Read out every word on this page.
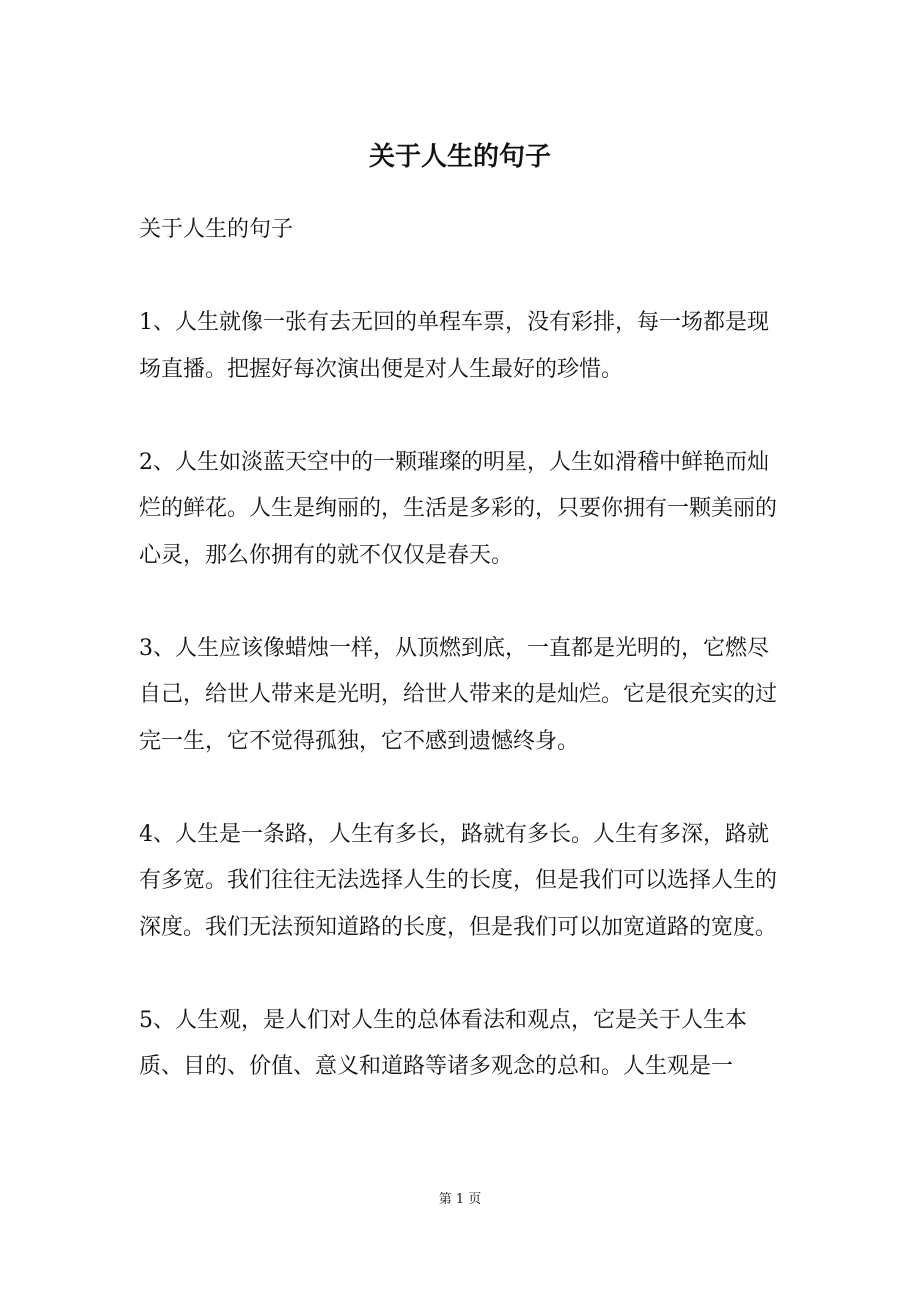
关于人生的句子

关于人生的句子

1、人生就像一张有去无回的单程车票，没有彩排，每一场都是现场直播。把握好每次演出便是对人生最好的珍惜。

2、人生如淡蓝天空中的一颗璀璨的明星，人生如滑稽中鲜艳而灿烂的鲜花。人生是绚丽的，生活是多彩的，只要你拥有一颗美丽的心灵，那么你拥有的就不仅仅是春天。

3、人生应该像蜡烛一样，从顶燃到底，一直都是光明的，它燃尽自己，给世人带来是光明，给世人带来的是灿烂。它是很充实的过完一生，它不觉得孤独，它不感到遗憾终身。

4、人生是一条路，人生有多长，路就有多长。人生有多深，路就有多宽。我们往往无法选择人生的长度，但是我们可以选择人生的深度。我们无法预知道路的长度，但是我们可以加宽道路的宽度。

5、人生观，是人们对人生的总体看法和观点，它是关于人生本质、目的、价值、意义和道路等诸多观念的总和。人生观是一

第 1 页
